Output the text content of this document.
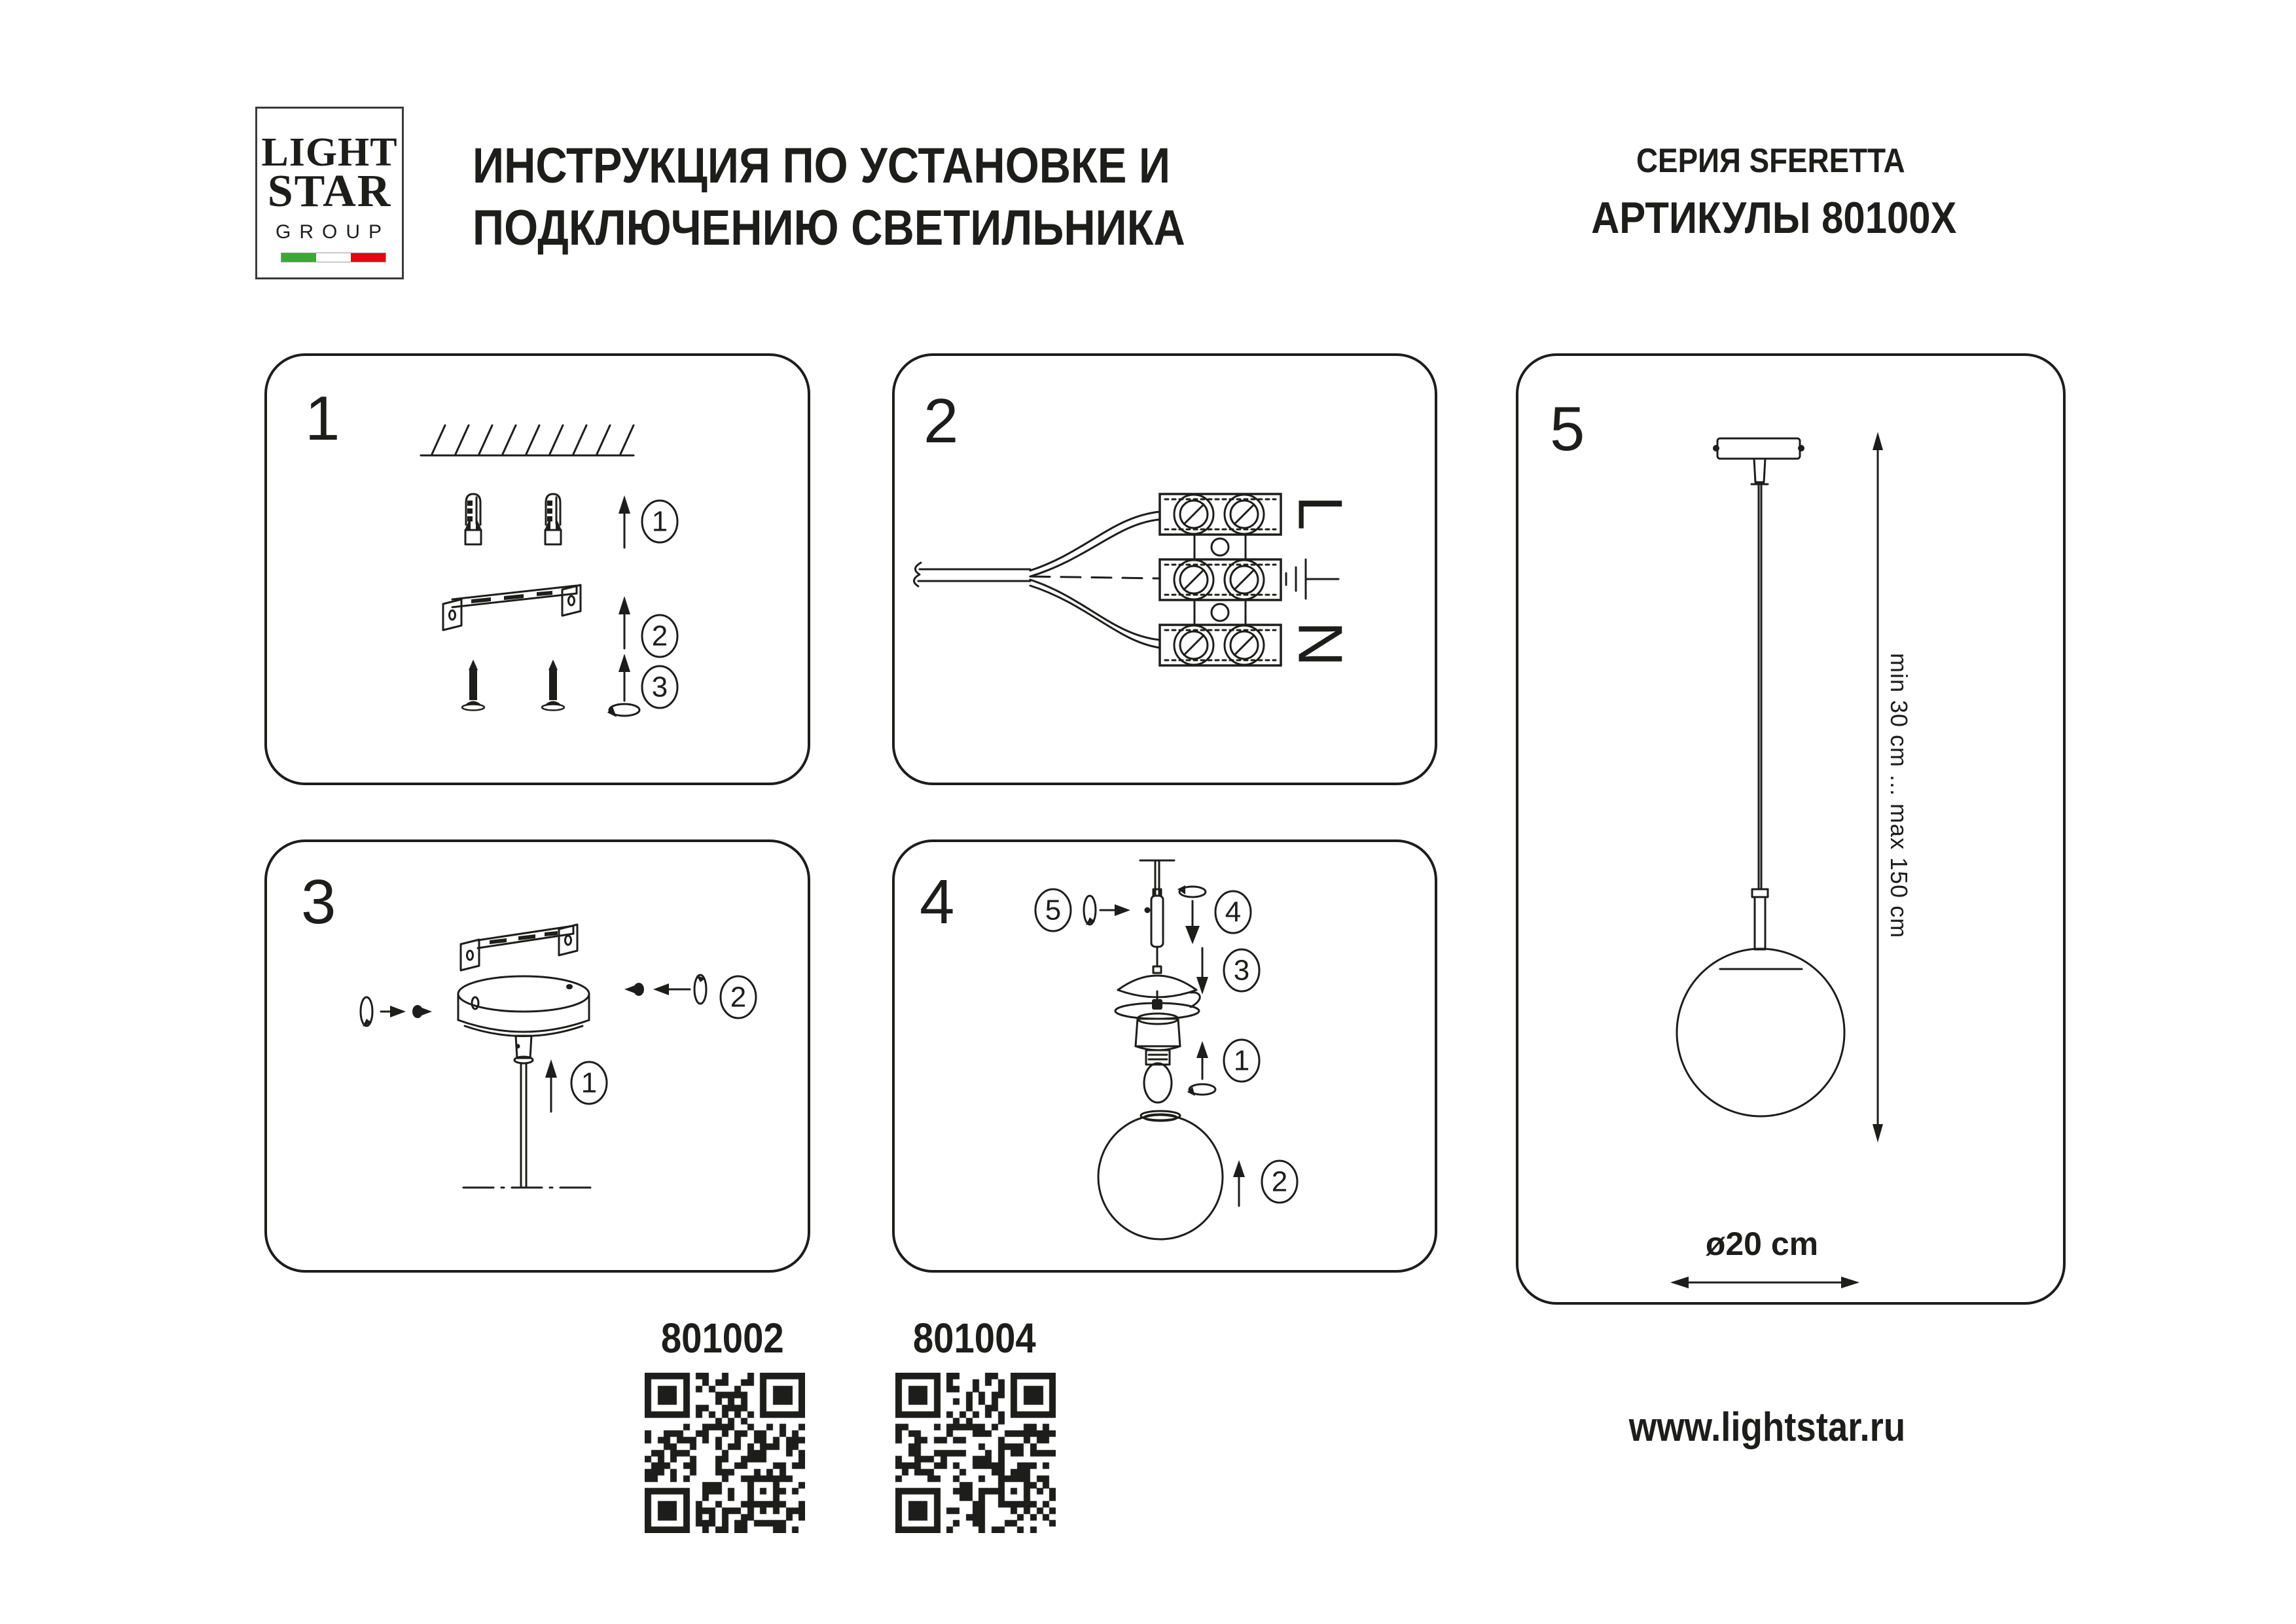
LIGHT
STAR
GROUP
ИНСТРУКЦИЯ ПО УСТАНОВКЕ И
ПОДКЛЮЧЕНИЮ СВЕТИЛЬНИКА
СЕРИЯ SFERETTA
АРТИКУЛЫ 80100X
1
1
2
3
2
L
N
3
2
1
4	5	4
3
1
2
5
min 30 cm ... max 150 cm
ø20 cm
801002	801004
www.lightstar.ru
